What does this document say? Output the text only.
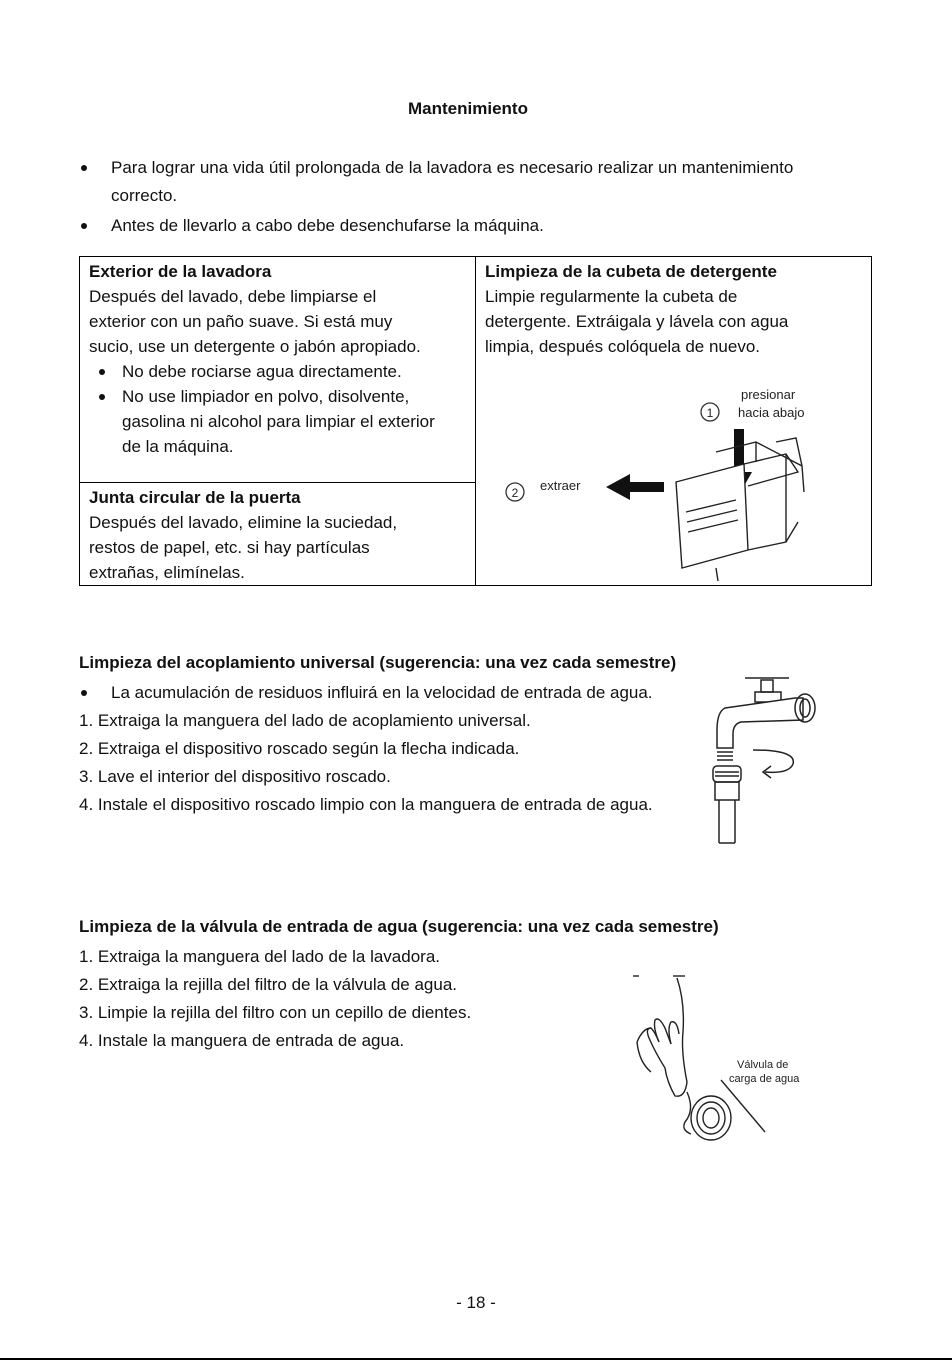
Mantenimiento
Para lograr una vida útil prolongada de la lavadora es necesario realizar un mantenimiento
correcto.
Antes de llevarlo a cabo debe desenchufarse la máquina.
Exterior de la lavadora
Después del lavado, debe limpiarse el
exterior con un paño suave. Si está muy
sucio, use un detergente o jabón apropiado.
No debe rociarse agua directamente.
No use limpiador en polvo, disolvente,
gasolina ni alcohol para limpiar el exterior
de la máquina.

Limpieza de la cubeta de detergente
Limpie regularmente la cubeta de
detergente. Extráigala y lávela con agua
limpia, después colóquela de nuevo.
1
presionar
hacia abajo
2 extraer

Junta circular de la puerta
Después del lavado, elimine la suciedad,
restos de papel, etc. si hay partículas
extrañas, elimínelas.
Limpieza del acoplamiento universal (sugerencia: una vez cada semestre)
La acumulación de residuos influirá en la velocidad de entrada de agua.
1. Extraiga la manguera del lado de acoplamiento universal.
2. Extraiga el dispositivo roscado según la flecha indicada.
3. Lave el interior del dispositivo roscado.
4. Instale el dispositivo roscado limpio con la manguera de entrada de agua.
Limpieza de la válvula de entrada de agua (sugerencia: una vez cada semestre)
1. Extraiga la manguera del lado de la lavadora.
2. Extraiga la rejilla del filtro de la válvula de agua.
3. Limpie la rejilla del filtro con un cepillo de dientes.
4. Instale la manguera de entrada de agua.
Válvula de
carga de agua
- 18 -
